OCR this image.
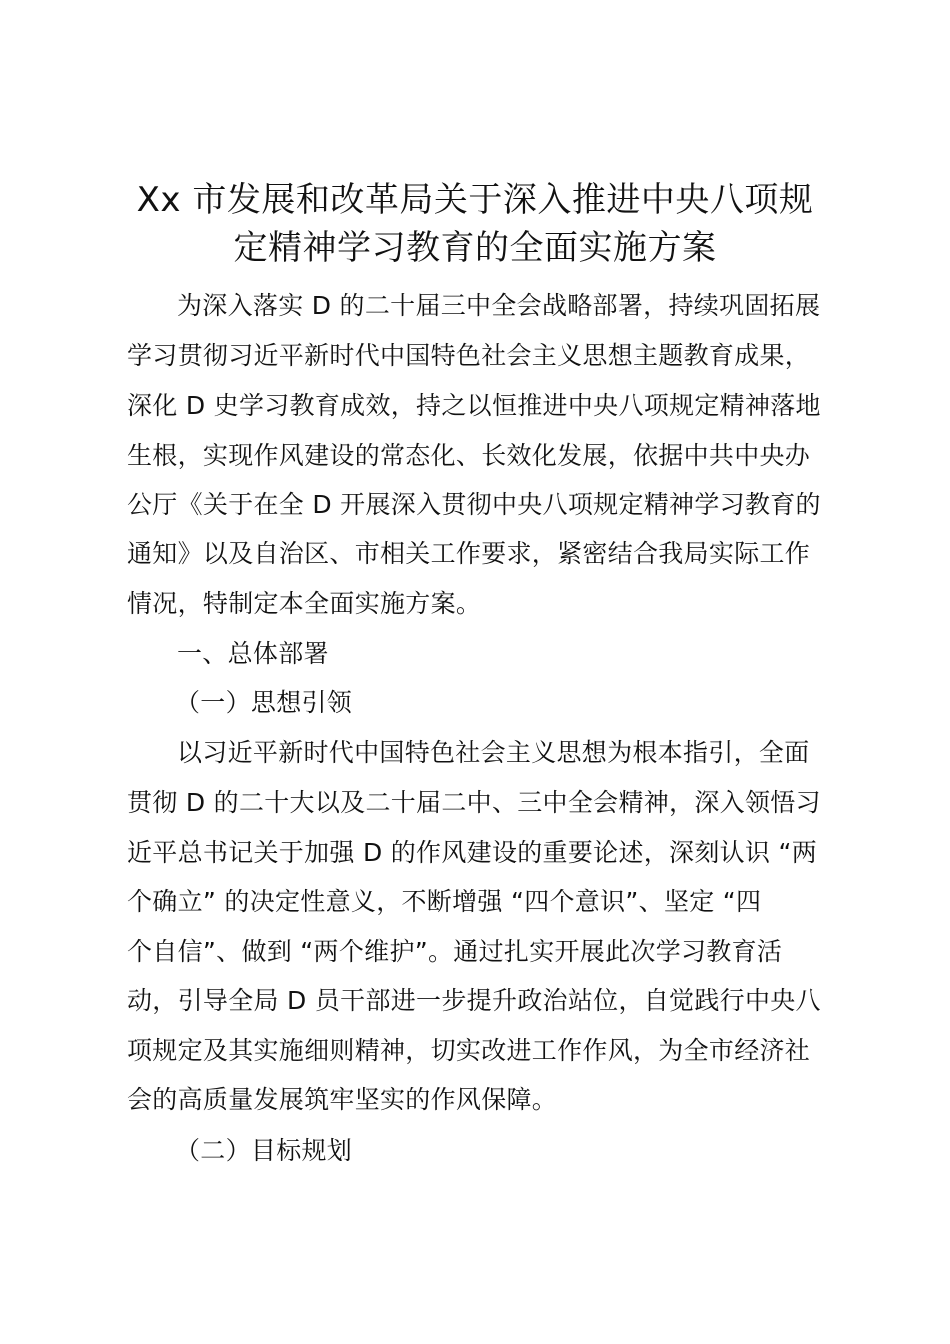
Xx 市发展和改革局关于深入推进中央八项规
定精神学习教育的全面实施方案
为深入落实 D 的二十届三中全会战略部署，持续巩固拓展
学习贯彻习近平新时代中国特色社会主义思想主题教育成果，
深化 D 史学习教育成效，持之以恒推进中央八项规定精神落地
生根，实现作风建设的常态化、长效化发展，依据中共中央办
公厅《关于在全 D 开展深入贯彻中央八项规定精神学习教育的
通知》以及自治区、市相关工作要求，紧密结合我局实际工作
情况，特制定本全面实施方案。
一、总体部署
（一）思想引领
以习近平新时代中国特色社会主义思想为根本指引，全面
贯彻 D 的二十大以及二十届二中、三中全会精神，深入领悟习
近平总书记关于加强 D 的作风建设的重要论述，深刻认识 “两
个确立” 的决定性意义，不断增强 “四个意识”、坚定 “四
个自信”、做到 “两个维护”。通过扎实开展此次学习教育活
动，引导全局 D 员干部进一步提升政治站位，自觉践行中央八
项规定及其实施细则精神，切实改进工作作风，为全市经济社
会的高质量发展筑牢坚实的作风保障。
（二）目标规划
